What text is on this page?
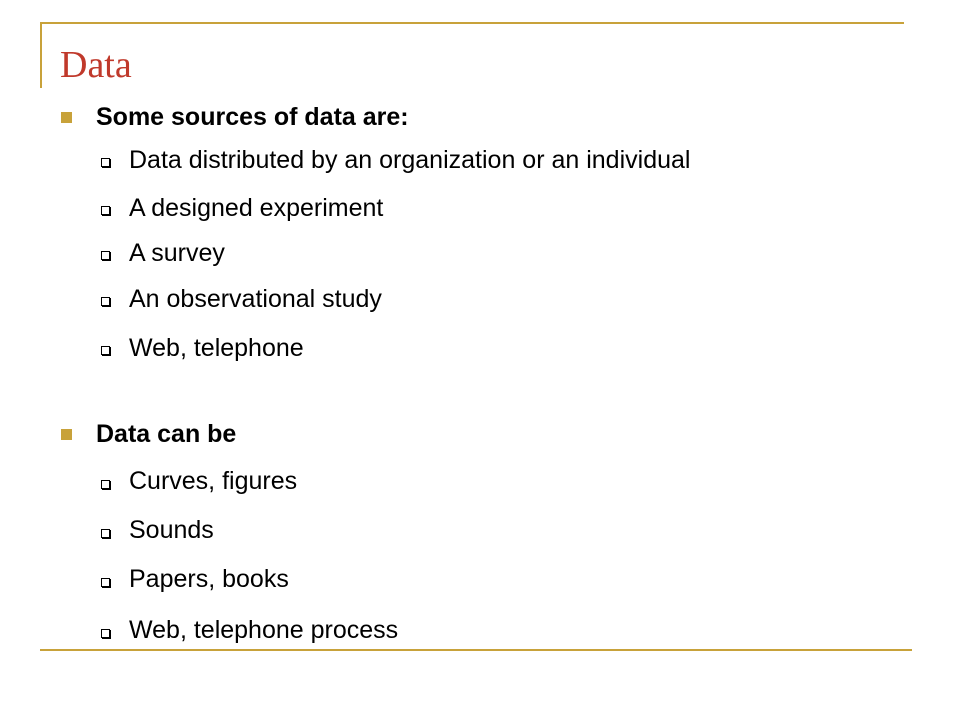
Data
Some sources of data are:
Data distributed by an organization or an individual
A designed experiment
A survey
An observational study
Web, telephone
Data can be
Curves, figures
Sounds
Papers, books
Web, telephone process
